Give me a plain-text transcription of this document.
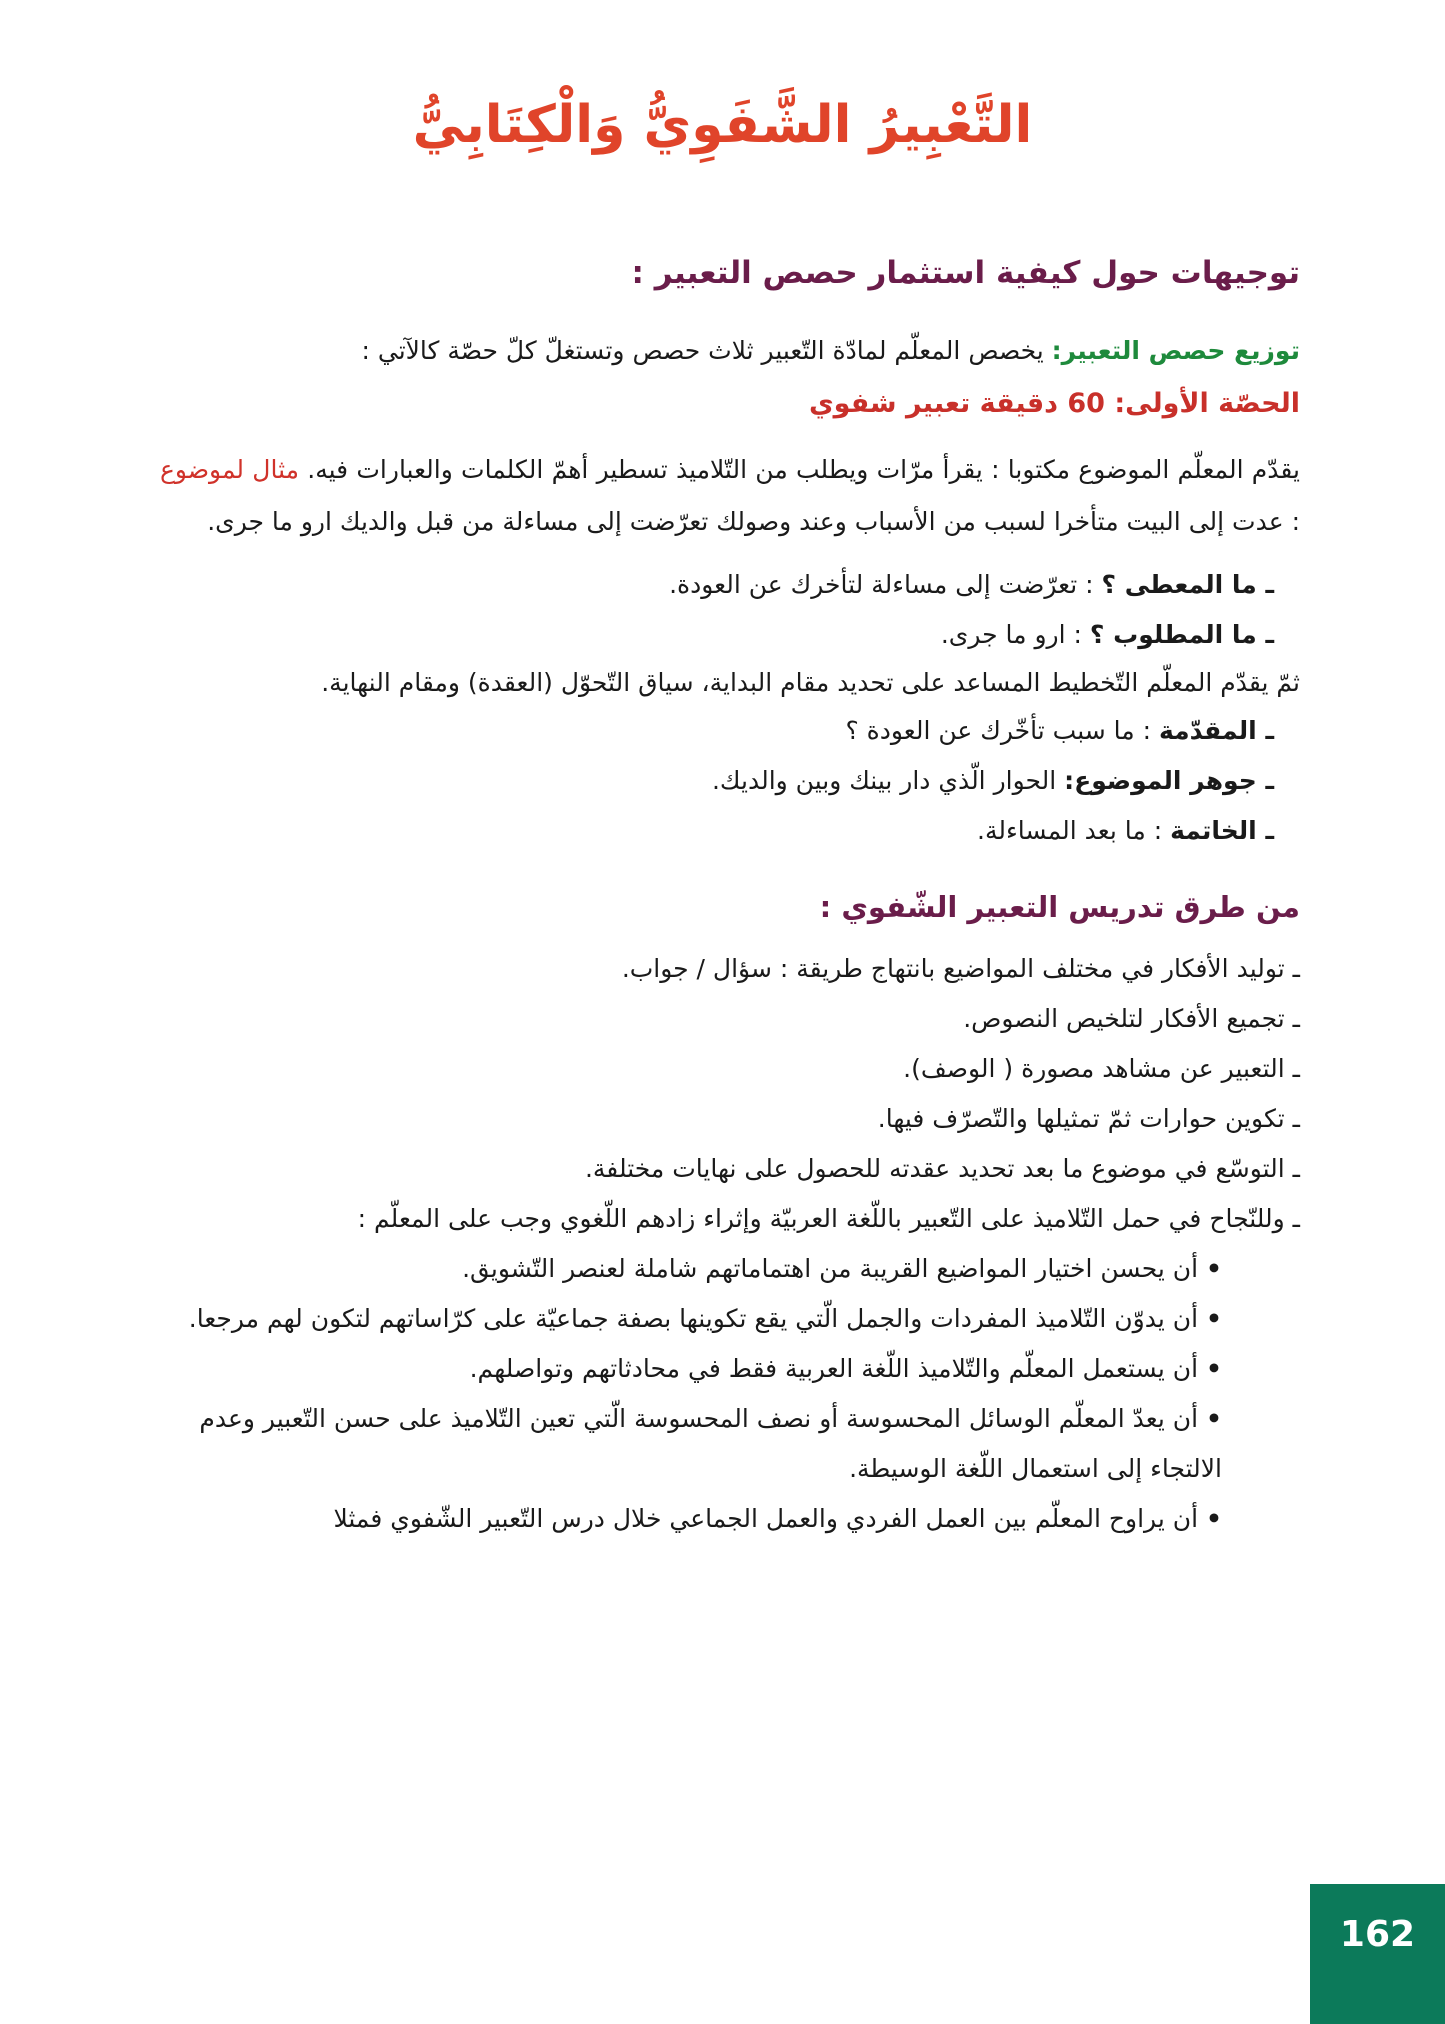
التَّعْبِيرُ الشَّفَوِيُّ وَالْكِتَابِيُّ

توجيهات حول كيفية استثمار حصص التعبير :

توزيع حصص التعبير: يخصص المعلّم لمادّة التّعبير ثلاث حصص وتستغلّ كلّ حصّة كالآتي :

الحصّة الأولى: 60 دقيقة تعبير شفوي

يقدّم المعلّم الموضوع مكتوبا : يقرأ مرّات ويطلب من التّلاميذ تسطير أهمّ الكلمات والعبارات فيه. مثال لموضوع : عدت إلى البيت متأخرا لسبب من الأسباب وعند وصولك تعرّضت إلى مساءلة من قبل والديك ارو ما جرى.

ـ ما المعطى ؟ : تعرّضت إلى مساءلة لتأخرك عن العودة.

ـ ما المطلوب ؟ : ارو ما جرى.

ثمّ يقدّم المعلّم التّخطيط المساعد على تحديد مقام البداية، سياق التّحوّل (العقدة) ومقام النهاية.

ـ المقدّمة : ما سبب تأخّرك عن العودة ؟

ـ جوهر الموضوع: الحوار الّذي دار بينك وبين والديك.

ـ الخاتمة : ما بعد المساءلة.

من طرق تدريس التعبير الشّفوي :

ـ توليد الأفكار في مختلف المواضيع بانتهاج طريقة : سؤال / جواب.

ـ تجميع الأفكار لتلخيص النصوص.

ـ التعبير عن مشاهد مصورة ( الوصف).

ـ تكوين حوارات ثمّ تمثيلها والتّصرّف فيها.

ـ التوسّع في موضوع ما بعد تحديد عقدته للحصول على نهايات مختلفة.

ـ وللنّجاح في حمل التّلاميذ على التّعبير باللّغة العربيّة وإثراء زادهم اللّغوي وجب على المعلّم :

• أن يحسن اختيار المواضيع القريبة من اهتماماتهم شاملة لعنصر التّشويق.

• أن يدوّن التّلاميذ المفردات والجمل الّتي يقع تكوينها بصفة جماعيّة على كرّاساتهم لتكون لهم مرجعا.

• أن يستعمل المعلّم والتّلاميذ اللّغة العربية فقط في محادثاتهم وتواصلهم.

• أن يعدّ المعلّم الوسائل المحسوسة أو نصف المحسوسة الّتي تعين التّلاميذ على حسن التّعبير وعدم الالتجاء إلى استعمال اللّغة الوسيطة.

• أن يراوح المعلّم بين العمل الفردي والعمل الجماعي خلال درس التّعبير الشّفوي فمثلا

162
